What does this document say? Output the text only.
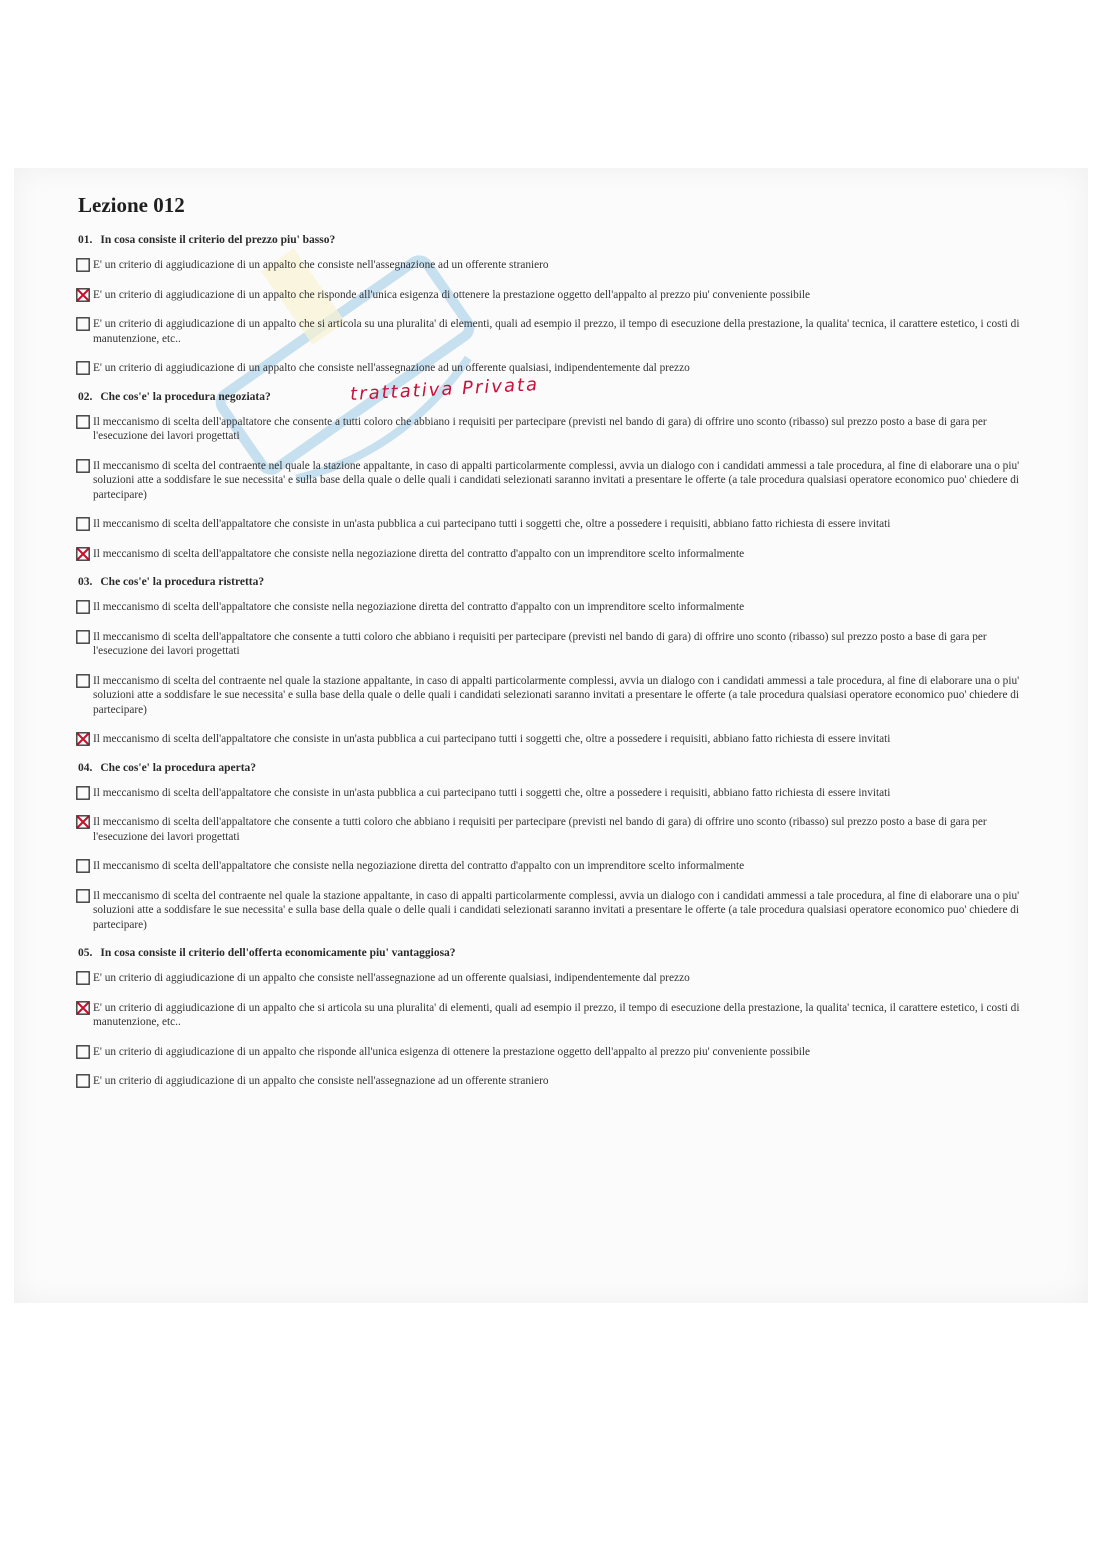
Lezione 012
01. In cosa consiste il criterio del prezzo piu' basso?
E' un criterio di aggiudicazione di un appalto che consiste nell'assegnazione ad un offerente straniero
E' un criterio di aggiudicazione di un appalto che risponde all'unica esigenza di ottenere la prestazione oggetto dell'appalto al prezzo piu' conveniente possibile
E' un criterio di aggiudicazione di un appalto che si articola su una pluralita' di elementi, quali ad esempio il prezzo, il tempo di esecuzione della prestazione, la qualita' tecnica, il carattere estetico, i costi di manutenzione, etc..
E' un criterio di aggiudicazione di un appalto che consiste nell'assegnazione ad un offerente qualsiasi, indipendentemente dal prezzo
02. Che cos'e' la procedura negoziata?	trattativa Privata
Il meccanismo di scelta dell'appaltatore che consente a tutti coloro che abbiano i requisiti per partecipare (previsti nel bando di gara) di offrire uno sconto (ribasso) sul prezzo posto a base di gara per l'esecuzione dei lavori progettati
Il meccanismo di scelta del contraente nel quale la stazione appaltante, in caso di appalti particolarmente complessi, avvia un dialogo con i candidati ammessi a tale procedura, al fine di elaborare una o piu' soluzioni atte a soddisfare le sue necessita' e sulla base della quale o delle quali i candidati selezionati saranno invitati a presentare le offerte (a tale procedura qualsiasi operatore economico puo' chiedere di partecipare)
Il meccanismo di scelta dell'appaltatore che consiste in un'asta pubblica a cui partecipano tutti i soggetti che, oltre a possedere i requisiti, abbiano fatto richiesta di essere invitati
Il meccanismo di scelta dell'appaltatore che consiste nella negoziazione diretta del contratto d'appalto con un imprenditore scelto informalmente
03. Che cos'e' la procedura ristretta?
Il meccanismo di scelta dell'appaltatore che consiste nella negoziazione diretta del contratto d'appalto con un imprenditore scelto informalmente
Il meccanismo di scelta dell'appaltatore che consente a tutti coloro che abbiano i requisiti per partecipare (previsti nel bando di gara) di offrire uno sconto (ribasso) sul prezzo posto a base di gara per l'esecuzione dei lavori progettati
Il meccanismo di scelta del contraente nel quale la stazione appaltante, in caso di appalti particolarmente complessi, avvia un dialogo con i candidati ammessi a tale procedura, al fine di elaborare una o piu' soluzioni atte a soddisfare le sue necessita' e sulla base della quale o delle quali i candidati selezionati saranno invitati a presentare le offerte (a tale procedura qualsiasi operatore economico puo' chiedere di partecipare)
Il meccanismo di scelta dell'appaltatore che consiste in un'asta pubblica a cui partecipano tutti i soggetti che, oltre a possedere i requisiti, abbiano fatto richiesta di essere invitati
04. Che cos'e' la procedura aperta?
Il meccanismo di scelta dell'appaltatore che consiste in un'asta pubblica a cui partecipano tutti i soggetti che, oltre a possedere i requisiti, abbiano fatto richiesta di essere invitati
Il meccanismo di scelta dell'appaltatore che consente a tutti coloro che abbiano i requisiti per partecipare (previsti nel bando di gara) di offrire uno sconto (ribasso) sul prezzo posto a base di gara per l'esecuzione dei lavori progettati
Il meccanismo di scelta dell'appaltatore che consiste nella negoziazione diretta del contratto d'appalto con un imprenditore scelto informalmente
Il meccanismo di scelta del contraente nel quale la stazione appaltante, in caso di appalti particolarmente complessi, avvia un dialogo con i candidati ammessi a tale procedura, al fine di elaborare una o piu' soluzioni atte a soddisfare le sue necessita' e sulla base della quale o delle quali i candidati selezionati saranno invitati a presentare le offerte (a tale procedura qualsiasi operatore economico puo' chiedere di partecipare)
05. In cosa consiste il criterio dell'offerta economicamente piu' vantaggiosa?
E' un criterio di aggiudicazione di un appalto che consiste nell'assegnazione ad un offerente qualsiasi, indipendentemente dal prezzo
E' un criterio di aggiudicazione di un appalto che si articola su una pluralita' di elementi, quali ad esempio il prezzo, il tempo di esecuzione della prestazione, la qualita' tecnica, il carattere estetico, i costi di manutenzione, etc..
E' un criterio di aggiudicazione di un appalto che risponde all'unica esigenza di ottenere la prestazione oggetto dell'appalto al prezzo piu' conveniente possibile
E' un criterio di aggiudicazione di un appalto che consiste nell'assegnazione ad un offerente straniero
